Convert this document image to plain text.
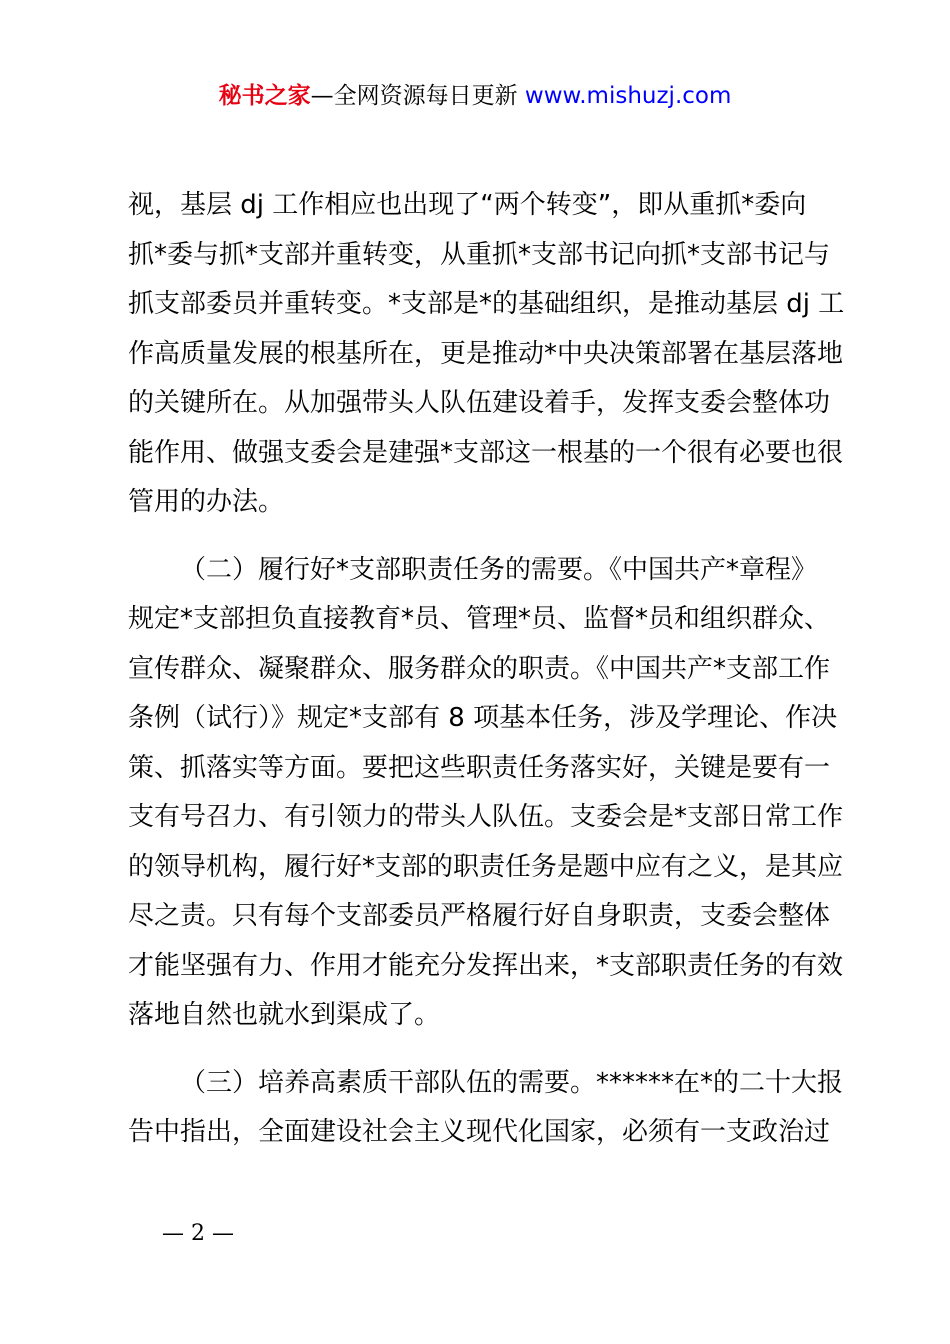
秘书之家—全网资源每日更新 www.mishuzj.com
视，基层 dj 工作相应也出现了“两个转变”，即从重抓*委向
抓*委与抓*支部并重转变，从重抓*支部书记向抓*支部书记与
抓支部委员并重转变。*支部是*的基础组织，是推动基层 dj 工
作高质量发展的根基所在，更是推动*中央决策部署在基层落地
的关键所在。从加强带头人队伍建设着手，发挥支委会整体功
能作用、做强支委会是建强*支部这一根基的一个很有必要也很
管用的办法。
（二）履行好*支部职责任务的需要。《中国共产*章程》
规定*支部担负直接教育*员、管理*员、监督*员和组织群众、
宣传群众、凝聚群众、服务群众的职责。《中国共产*支部工作
条例（试行）》规定*支部有 8 项基本任务，涉及学理论、作决
策、抓落实等方面。要把这些职责任务落实好，关键是要有一
支有号召力、有引领力的带头人队伍。支委会是*支部日常工作
的领导机构，履行好*支部的职责任务是题中应有之义，是其应
尽之责。只有每个支部委员严格履行好自身职责，支委会整体
才能坚强有力、作用才能充分发挥出来，*支部职责任务的有效
落地自然也就水到渠成了。
（三）培养高素质干部队伍的需要。******在*的二十大报
告中指出，全面建设社会主义现代化国家，必须有一支政治过
— 2 —
